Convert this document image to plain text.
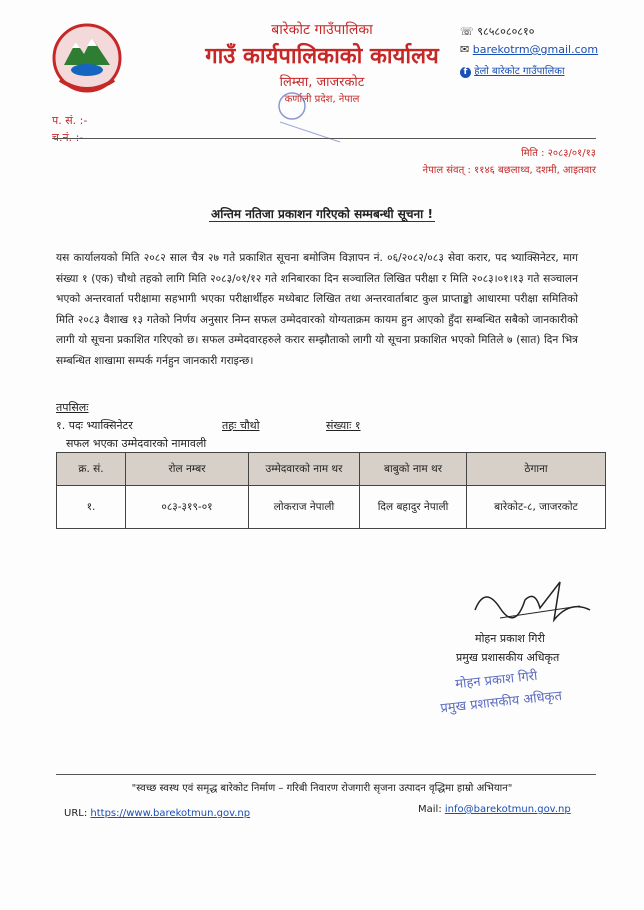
बारेकोट गाउँपालिका
गाउँ कार्यपालिकाको कार्यालय
लिम्सा, जाजरकोट
कर्णाली प्रदेश, नेपाल
☏ ९८५८०८०८१०
✉ barekotrm@gmail.com
f हेलो बारेकोट गाउँपालिका
प. सं. :-
च.नं. :-
मिति : २०८३/०१/१३
नेपाल संवत् : ११४६ बछलाथ्व, दशमी, आइतवार
अन्तिम नतिजा प्रकाशन गरिएको सम्मबन्धी सूचना !
यस कार्यालयको मिति २०८२ साल चैत्र २७ गते प्रकाशित सूचना बमोजिम विज्ञापन नं. ०६/२०८२/०८३ सेवा करार, पद भ्याक्सिनेटर, माग संख्या १ (एक) चौथो तहको लागि मिति २०८३/०१/१२ गते शनिबारका दिन सञ्चालित लिखित परीक्षा र मिति २०८३।०१।१३ गते सञ्चालन भएको अन्तरवार्ता परीक्षामा सहभागी भएका परीक्षार्थीहरु मध्येबाट लिखित तथा अन्तरवार्ताबाट कुल प्राप्ताङ्को आधारमा परीक्षा समितिको मिति २०८३ वैशाख १३ गतेको निर्णय अनुसार निम्न सफल उम्मेदवारको योग्यताक्रम कायम हुन आएको हुँदा सम्बन्धित सबैको जानकारीको लागी यो सूचना प्रकाशित गरिएको छ। सफल उम्मेदवारहरुले करार सम्झौताको लागी यो सूचना प्रकाशित भएको मितिले ७ (सात) दिन भित्र सम्बन्धित शाखामा सम्पर्क गर्नहुन जानकारी गराइन्छ।
तपसिलः
१. पदः भ्याक्सिनेटर	तहः चौथो	संख्याः १
सफल भएका उम्मेदवारको नामावली
क्र. सं.	रोल नम्बर	उम्मेदवारको नाम थर	बाबुको नाम थर	ठेगाना
१.	०८३-३१९-०१	लोकराज नेपाली	दिल बहादुर नेपाली	बारेकोट-८, जाजरकोट
मोहन प्रकाश गिरी
प्रमुख प्रशासकीय अधिकृत
मोहन प्रकाश गिरी
प्रमुख प्रशासकीय अधिकृत
"स्वच्छ स्वस्थ एवं समृद्ध बारेकोट निर्माण – गरिबी निवारण रोजगारी सृजना उत्पादन वृद्धिमा हाम्रो अभियान"
URL: https://www.barekotmun.gov.np	Mail: info@barekotmun.gov.np
